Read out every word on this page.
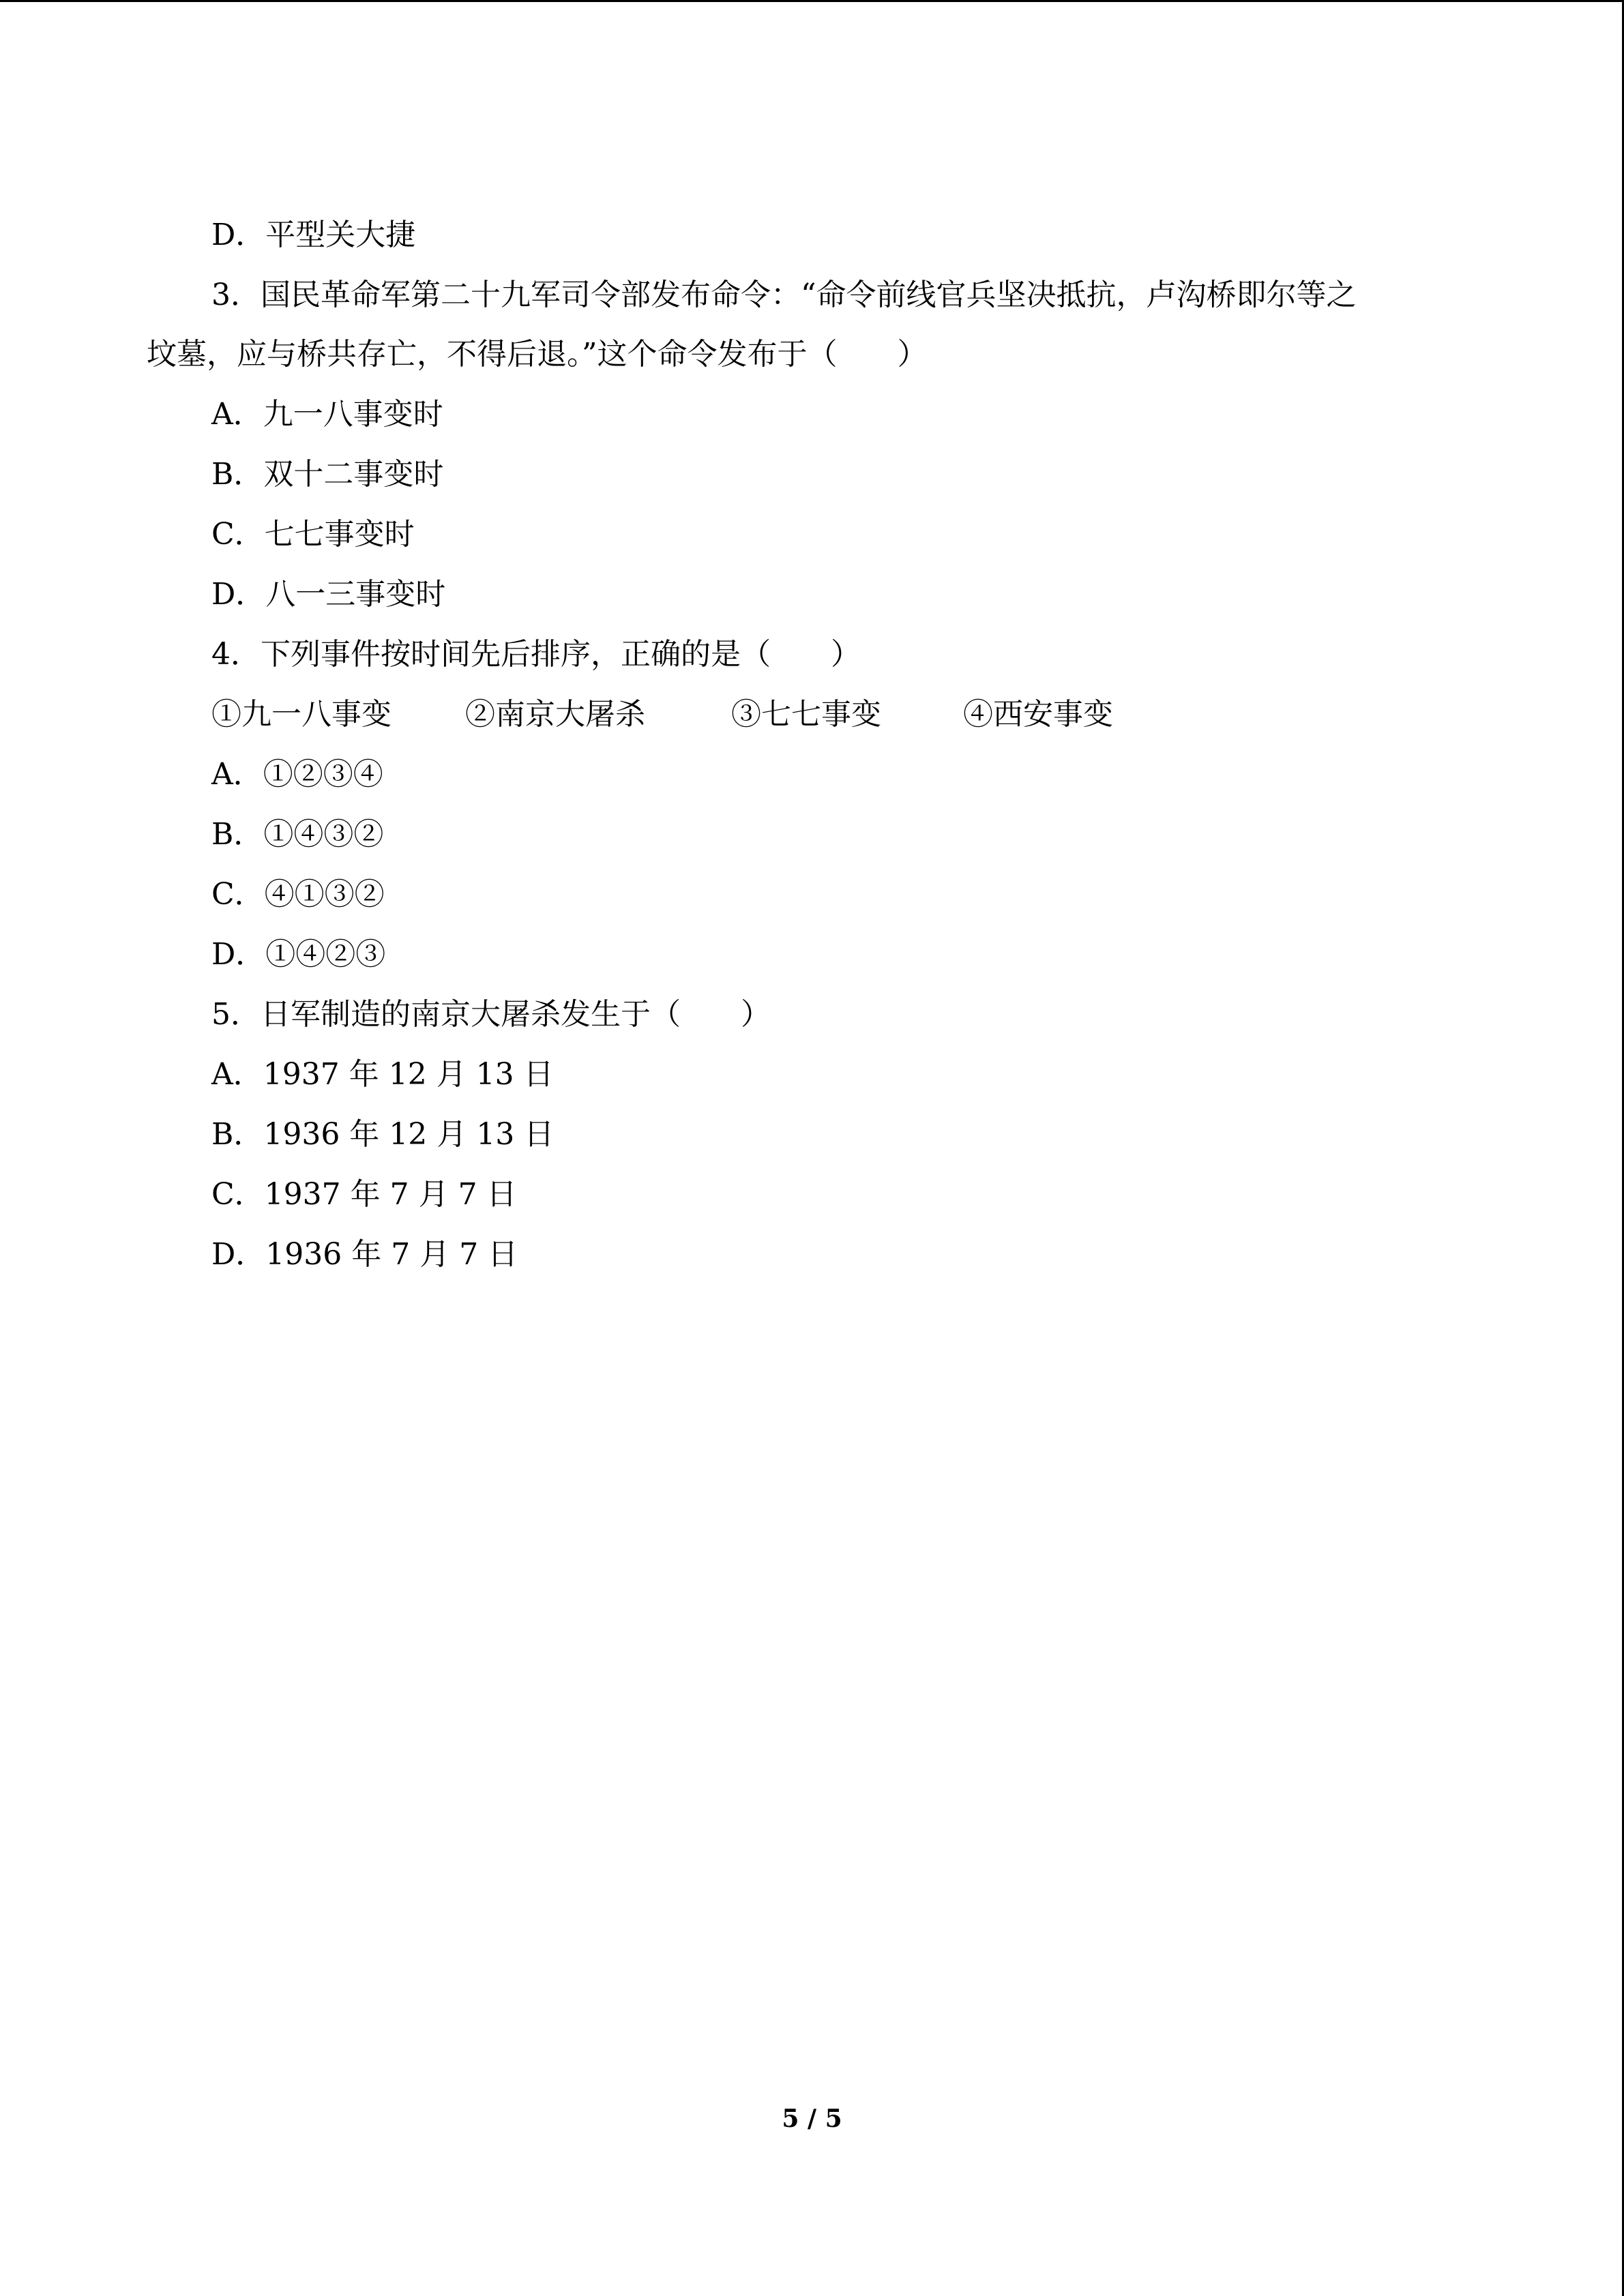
D．平型关大捷
3．国民革命军第二十九军司令部发布命令：“命令前线官兵坚决抵抗，卢沟桥即尔等之
坟墓，应与桥共存亡，不得后退。”这个命令发布于（　　）
A．九一八事变时
B．双十二事变时
C．七七事变时
D．八一三事变时
4．下列事件按时间先后排序，正确的是（　　）
①九一八事变 ②南京大屠杀	③七七事变	④西安事变
A．①②③④
B．①④③②
C．④①③②
D．①④②③
5．日军制造的南京大屠杀发生于（　　）
A．1937 年 12 月 13 日
B．1936 年 12 月 13 日
C．1937 年 7 月 7 日
D．1936 年 7 月 7 日
5 / 5
